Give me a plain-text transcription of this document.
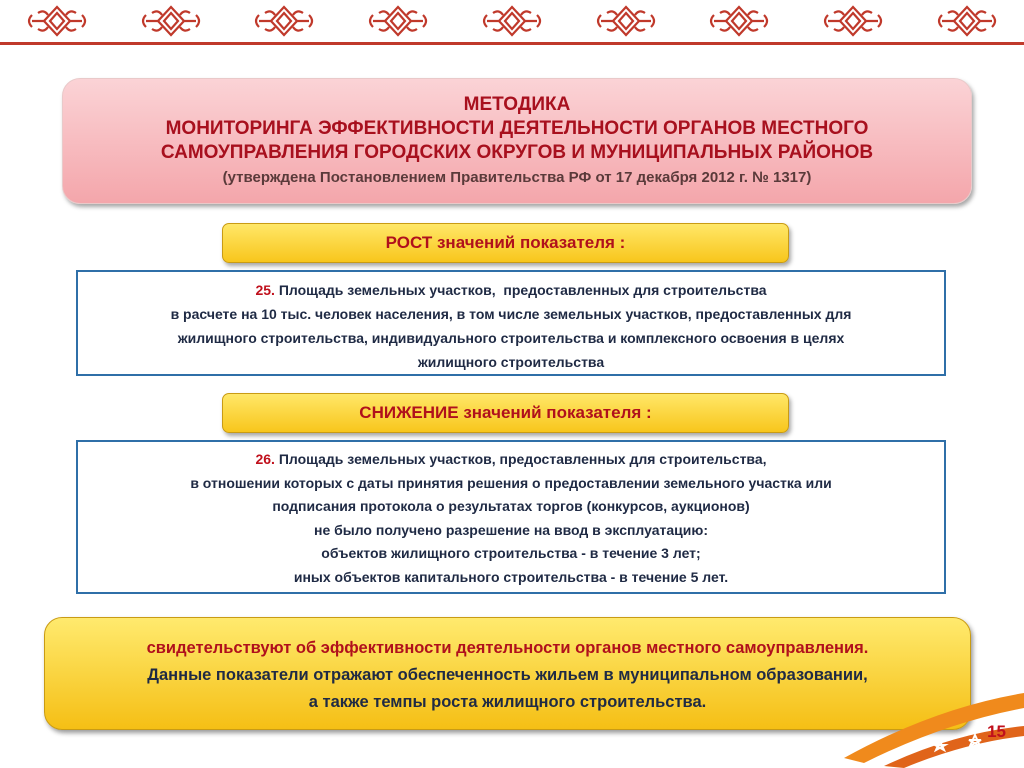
МЕТОДИКА
МОНИТОРИНГА ЭФФЕКТИВНОСТИ ДЕЯТЕЛЬНОСТИ ОРГАНОВ МЕСТНОГО
САМОУПРАВЛЕНИЯ ГОРОДСКИХ ОКРУГОВ И МУНИЦИПАЛЬНЫХ РАЙОНОВ
(утверждена Постановлением Правительства РФ от 17 декабря 2012 г. № 1317)
РОСТ значений показателя :
25. Площадь земельных участков,  предоставленных для строительства
в расчете на 10 тыс. человек населения, в том числе земельных участков, предоставленных для
жилищного строительства, индивидуального строительства и комплексного освоения в целях
жилищного строительства
СНИЖЕНИЕ значений показателя :
26. Площадь земельных участков, предоставленных для строительства,
в отношении которых с даты принятия решения о предоставлении земельного участка или
подписания протокола о результатах торгов (конкурсов, аукционов)
не было получено разрешение на ввод в эксплуатацию:
объектов жилищного строительства - в течение 3 лет;
иных объектов капитального строительства - в течение 5 лет.
свидетельствуют об эффективности деятельности органов местного самоуправления.
Данные показатели отражают обеспеченность жильем в муниципальном образовании,
а также темпы роста жилищного строительства.
15
